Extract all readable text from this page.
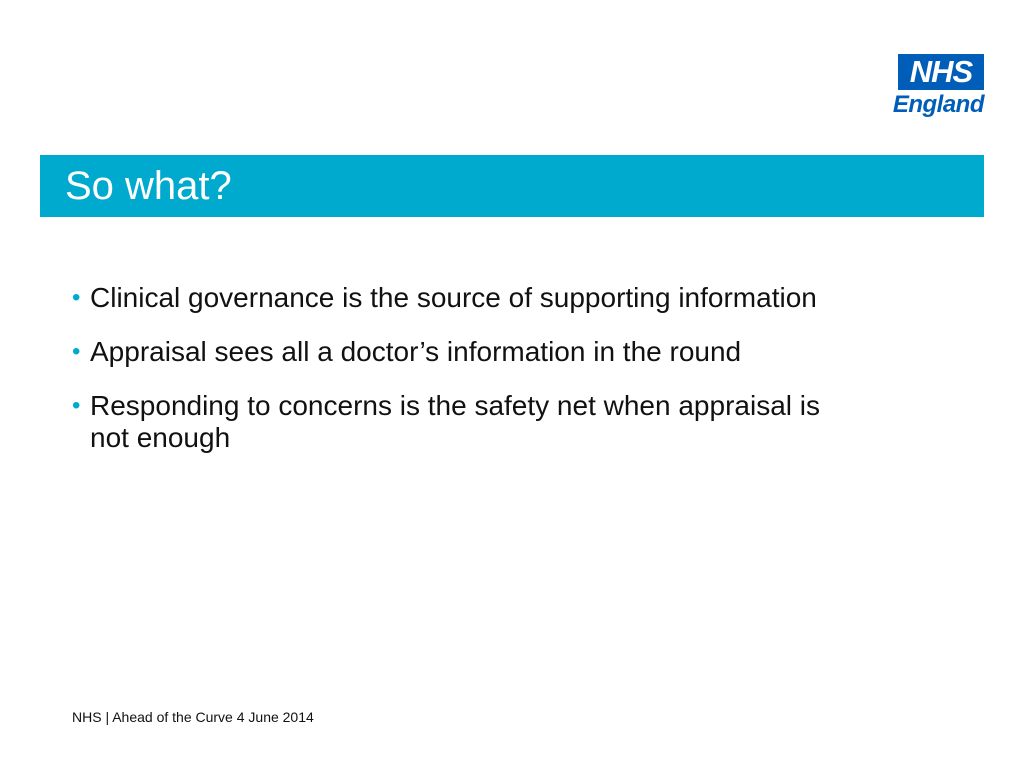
NHS
England
So what?
• Clinical governance is the source of supporting information
• Appraisal sees all a doctor’s information in the round
• Responding to concerns is the safety net when appraisal is not enough
NHS | Ahead of the Curve 4 June 2014
